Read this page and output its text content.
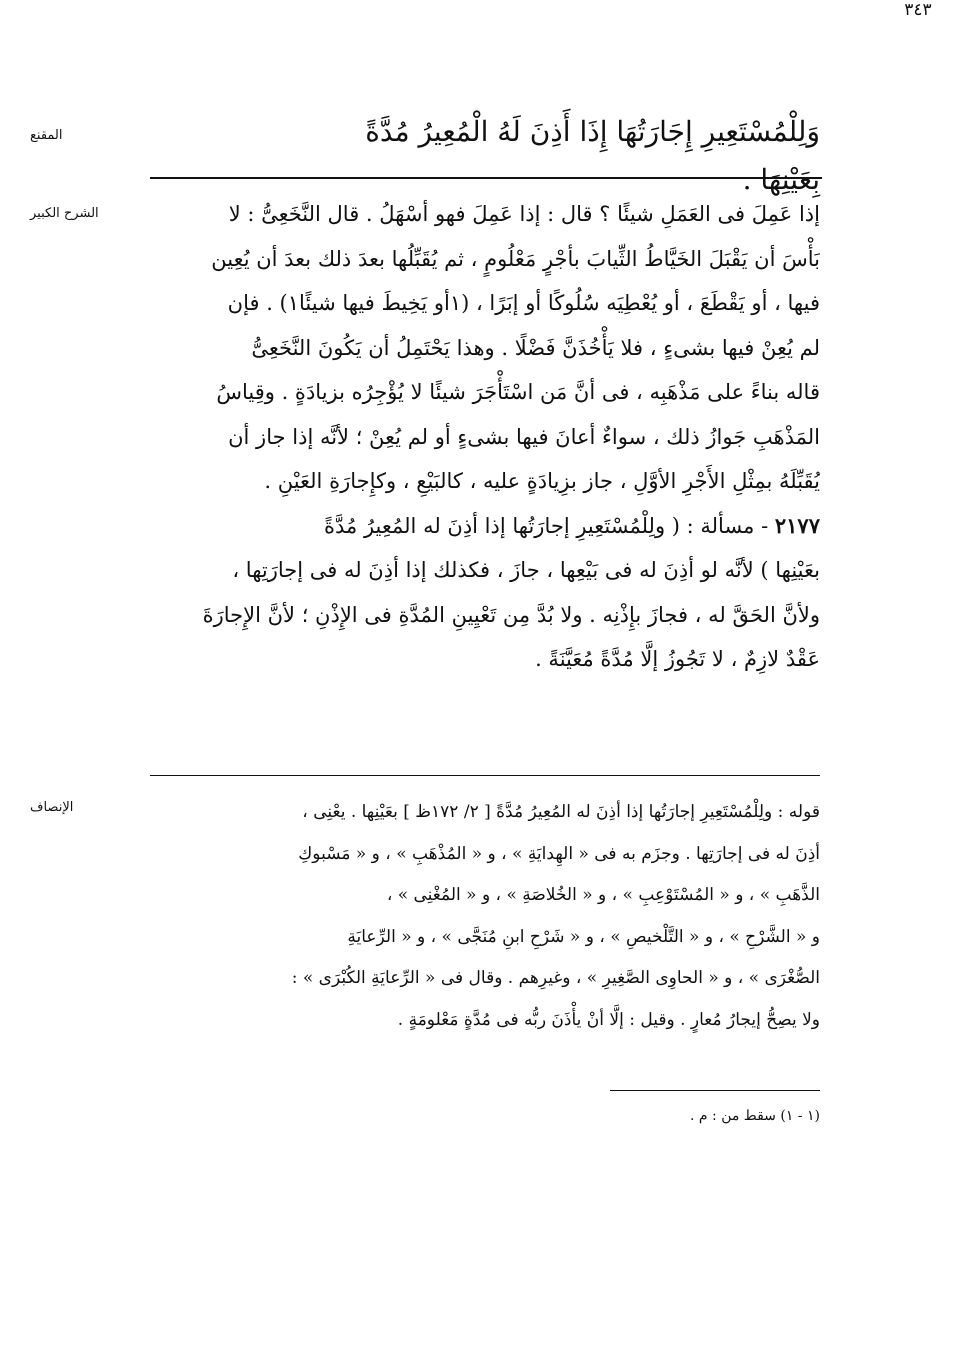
المقنع
الشرح الكبير
الإنصاف
وَلِلْمُسْتَعِيرِ إِجَارَتُهَا إِذَا أَذِنَ لَهُ الْمُعِيرُ مُدَّةً بِعَيْنِهَا .
إذا عَمِلَ فى العَمَلِ شيئًا ؟ قال : إذا عَمِلَ فهو أسْهَلُ . قال النَّخَعِىُّ : لا
بَأْسَ أن يَقْبَلَ الخَيَّاطُ الثِّيابَ بأجْرٍ مَعْلُومٍ ، ثم يُقَبِّلُها بعدَ ذلك بعدَ أن يُعِين
فيها ، أو يَقْطَعَ ، أو يُعْطِيَه سُلُوكًا أو إبَرًا ، (١أو يَخِيطَ فيها شيئًا١) . فإن
لم يُعِنْ فيها بشىءٍ ، فلا يَأْخُذَنَّ فَضْلًا . وهذا يَحْتَمِلُ أن يَكُونَ النَّخَعِىُّ
قاله بناءً على مَذْهَبِه ، فى أنَّ مَن اسْتَأْجَرَ شيئًا لا يُؤْجِرُه بزيادَةٍ . وقِياسُ
المَذْهَبِ جَوازُ ذلك ، سواءٌ أعانَ فيها بشىءٍ أو لم يُعِنْ ؛ لأنَّه إذا جاز أن
يُقَبِّلَهُ بمِثْلِ الأَجْرِ الأوَّلِ ، جاز بزِيادَةٍ عليه ، كالبَيْعِ ، وكإِجارَةِ العَيْنِ .
٢١٧٧ - مسألة : ( ولِلْمُسْتَعِيرِ إجارَتُها إذا أذِنَ له المُعِيرُ مُدَّةً
بعَيْنِها ) لأنَّه لو أذِنَ له فى بَيْعِها ، جازَ ، فكذلك إذا أذِنَ له فى إجارَتِها ،
ولأنَّ الحَقَّ له ، فجازَ بإِذْنِه . ولا بُدَّ مِن تَعْيِينِ المُدَّةِ فى الإِذْنِ ؛ لأنَّ الإِجارَةَ
عَقْدٌ لازِمٌ ، لا تَجُوزُ إلَّا مُدَّةً مُعَيَّنَةً .
قوله : ولِلْمُسْتَعِيرِ إجارَتُها إذا أذِنَ له المُعِيرُ مُدَّةً [ ٢/ ١٧٢ظ ] بعَيْنِها . يعْنِى ،
أذِنَ له فى إجارَتِها . وجزَم به فى « الهِدايَةِ » ، و « المُذْهَبِ » ، و « مَسْبوكِ
الذَّهَبِ » ، و « المُسْتَوْعِبِ » ، و « الخُلاصَةِ » ، و « المُغْنِى » ،
و « الشَّرْحِ » ، و « التَّلْخيصِ » ، و « شَرْحِ ابنِ مُنَجَّى » ، و « الرِّعايَةِ
الصُّغْرَى » ، و « الحاوِى الصَّغِيرِ » ، وغيرِهم . وقال فى « الرِّعايَةِ الكُبْرَى » :
ولا يصِحُّ إيجارُ مُعارٍ . وقيل : إلَّا أنْ يأْذَنَ ربُّه فى مُدَّةٍ مَعْلومَةٍ .
(١ - ١) سقط من : م .
٣٤٣
